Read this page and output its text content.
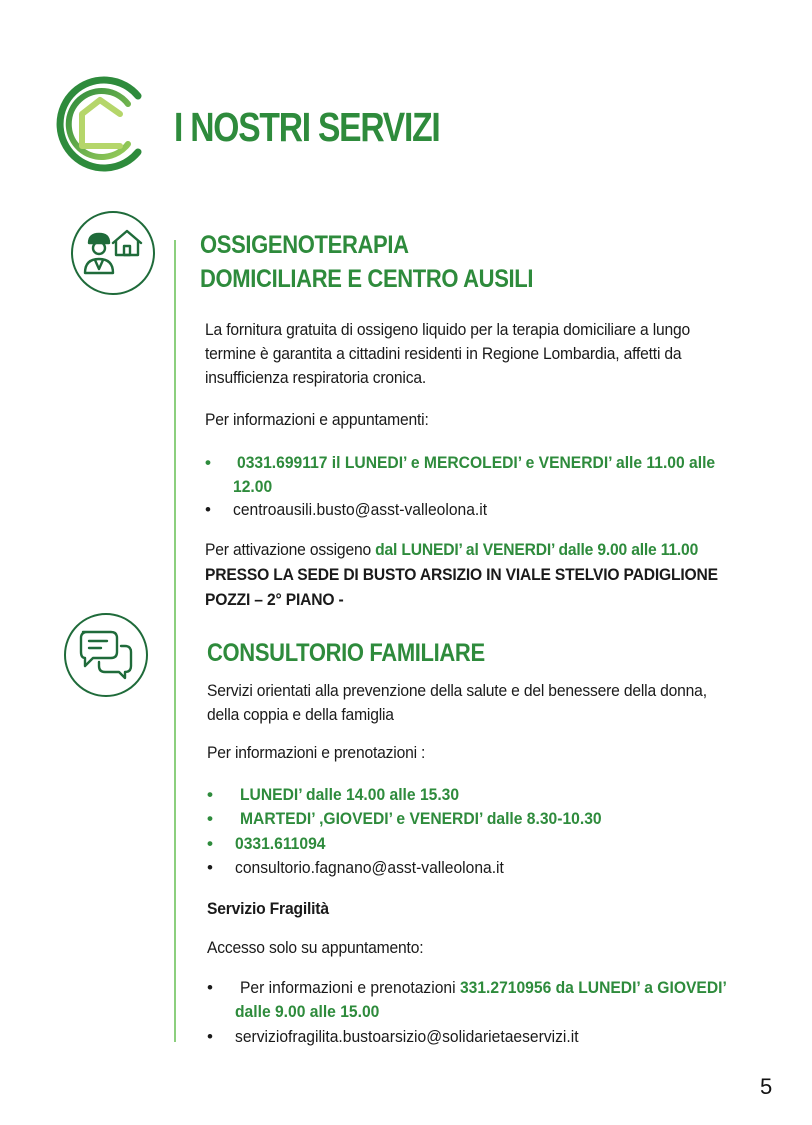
I NOSTRI SERVIZI
OSSIGENOTERAPIA
DOMICILIARE E CENTRO AUSILI
La fornitura gratuita di ossigeno liquido per la terapia domiciliare a lungo
termine è garantita a cittadini residenti in Regione Lombardia, affetti da
insufficienza respiratoria cronica.
Per informazioni e appuntamenti:
• 0331.699117 il LUNEDI’ e MERCOLEDI’ e VENERDI’ alle 11.00 alle
12.00
• centroausili.busto@asst-valleolona.it
Per attivazione ossigeno dal LUNEDI’ al VENERDI’ dalle 9.00 alle 11.00
PRESSO LA SEDE DI BUSTO ARSIZIO IN VIALE STELVIO PADIGLIONE
POZZI – 2° PIANO -
CONSULTORIO FAMILIARE
Servizi orientati alla prevenzione della salute e del benessere della donna,
della coppia e della famiglia
Per informazioni e prenotazioni :
• LUNEDI’ dalle 14.00 alle 15.30
• MARTEDI’ ,GIOVEDI’ e VENERDI’ dalle 8.30-10.30
• 0331.611094
• consultorio.fagnano@asst-valleolona.it
Servizio Fragilità
Accesso solo su appuntamento:
• Per informazioni e prenotazioni 331.2710956 da LUNEDI’ a GIOVEDI’
dalle 9.00 alle 15.00
• serviziofragilita.bustoarsizio@solidarietaeservizi.it
5
